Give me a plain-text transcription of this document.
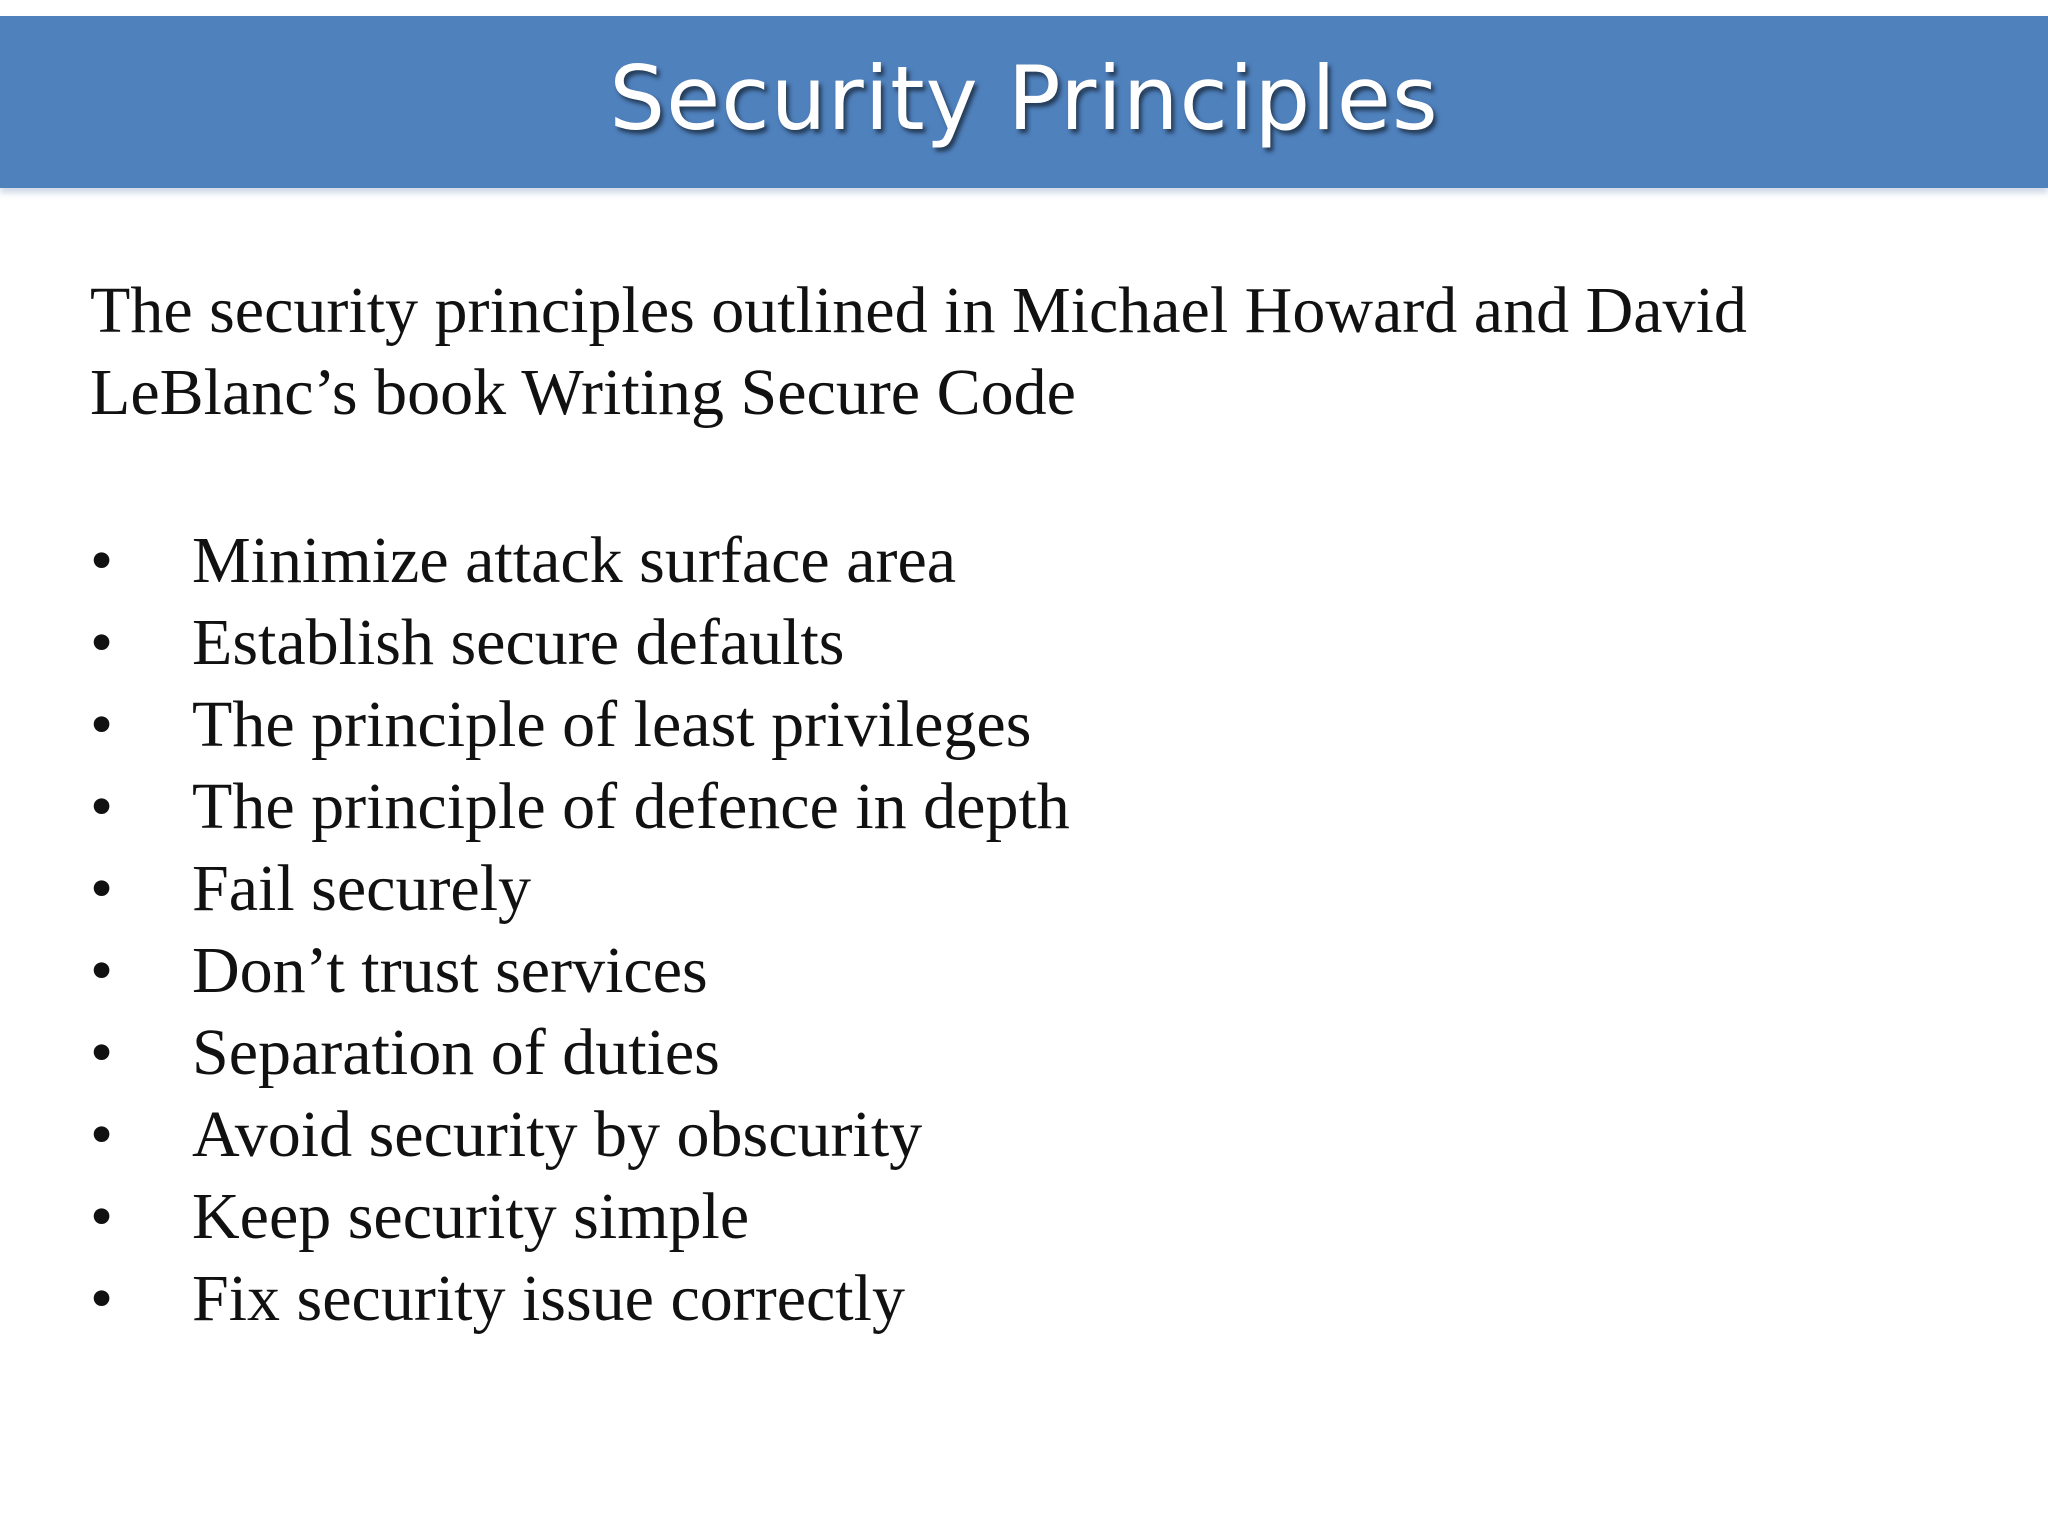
Security Principles

The security principles outlined in Michael Howard and David LeBlanc’s book Writing Secure Code

•	Minimize attack surface area
•	Establish secure defaults
•	The principle of least privileges
•	The principle of defence in depth
•	Fail securely
•	Don’t trust services
•	Separation of duties
•	Avoid security by obscurity
•	Keep security simple
•	Fix security issue correctly
